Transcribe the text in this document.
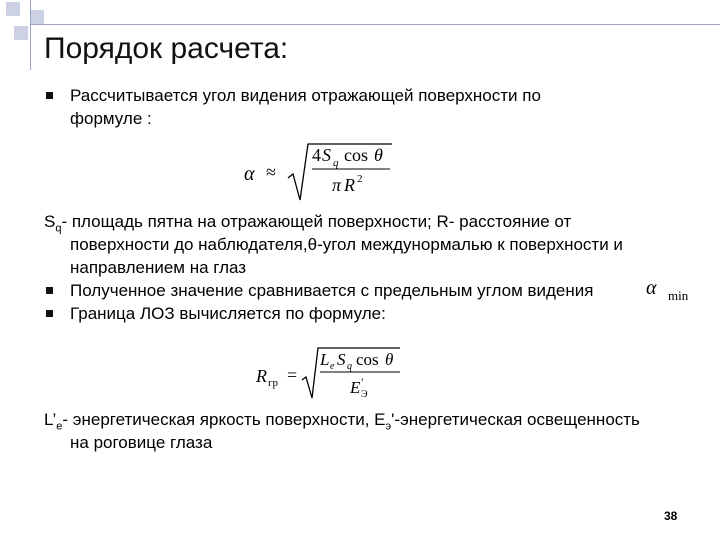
Порядок расчета:

Рассчитывается угол видения отражающей поверхности по
формуле :

α ≈
4 S q cos θ
π R 2

$S_q-$ площадь пятна на отражающей поверхности; R- расстояние от

поверхности до наблюдателя,θ-угол междунормалью к поверхности и
направлением на глаз

Полученное значение сравнивается с предельным углом видения	α min

Граница ЛОЗ вычисляется по формуле:

R гр =
L e S q cos θ
E ′
Э

$L’_е-$ энергетическая яркость поверхности, $Е_э'$-энергетическая освещенность

на роговице глаза

38
